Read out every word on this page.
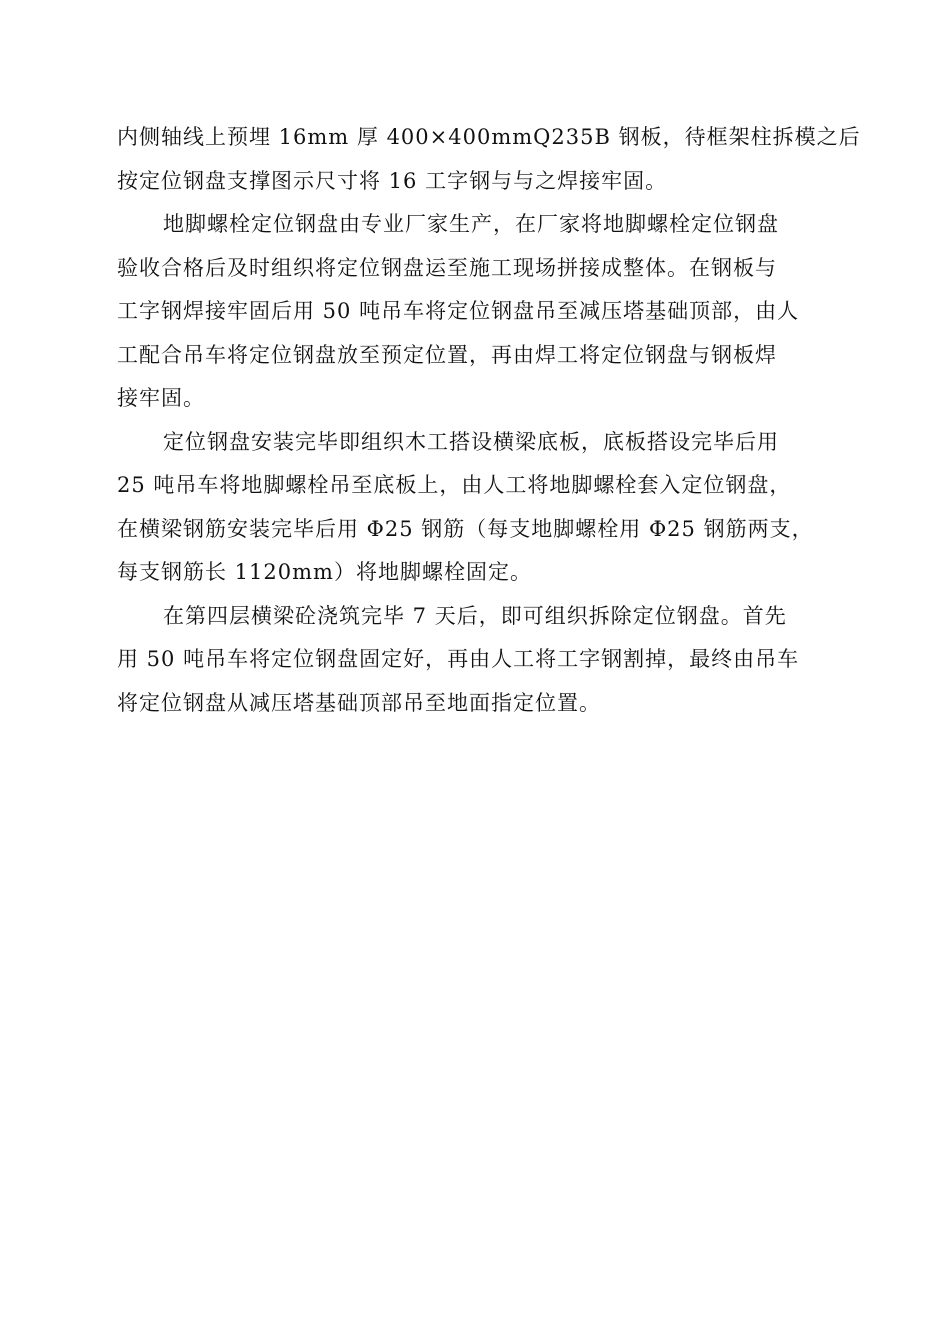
内侧轴线上预埋 16mm 厚 400×400mmQ235B 钢板，待框架柱拆模之后
按定位钢盘支撑图示尺寸将 16 工字钢与与之焊接牢固。
地脚螺栓定位钢盘由专业厂家生产，在厂家将地脚螺栓定位钢盘
验收合格后及时组织将定位钢盘运至施工现场拼接成整体。在钢板与
工字钢焊接牢固后用 50 吨吊车将定位钢盘吊至减压塔基础顶部，由人
工配合吊车将定位钢盘放至预定位置，再由焊工将定位钢盘与钢板焊
接牢固。
定位钢盘安装完毕即组织木工搭设横梁底板，底板搭设完毕后用
25 吨吊车将地脚螺栓吊至底板上，由人工将地脚螺栓套入定位钢盘，
在横梁钢筋安装完毕后用 Φ25 钢筋（每支地脚螺栓用 Φ25 钢筋两支，
每支钢筋长 1120mm）将地脚螺栓固定。
在第四层横梁砼浇筑完毕 7 天后，即可组织拆除定位钢盘。首先
用 50 吨吊车将定位钢盘固定好，再由人工将工字钢割掉，最终由吊车
将定位钢盘从减压塔基础顶部吊至地面指定位置。
